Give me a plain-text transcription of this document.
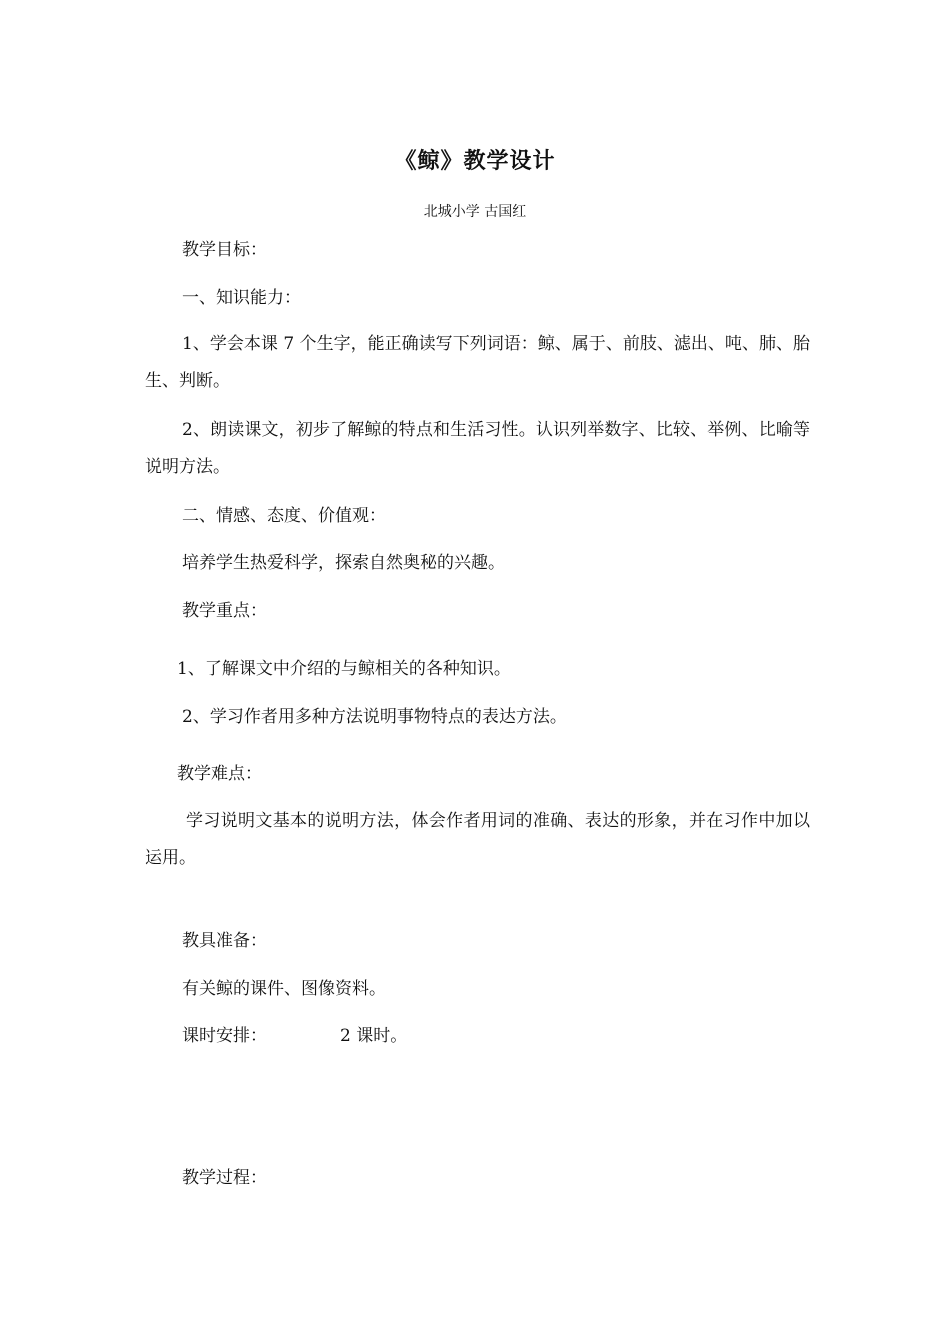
《鲸》教学设计
北城小学 古国红
教学目标：
一、知识能力：
1、学会本课 7 个生字，能正确读写下列词语：鲸、属于、前肢、滤出、吨、肺、胎生、判断。
2、朗读课文，初步了解鲸的特点和生活习性。认识列举数字、比较、举例、比喻等说明方法。
二、情感、态度、价值观：
培养学生热爱科学，探索自然奥秘的兴趣。
教学重点：
1、了解课文中介绍的与鲸相关的各种知识。
2、学习作者用多种方法说明事物特点的表达方法。
教学难点：
学习说明文基本的说明方法，体会作者用词的准确、表达的形象，并在习作中加以运用。
教具准备：
有关鲸的课件、图像资料。
课时安排：	2 课时。
教学过程：
